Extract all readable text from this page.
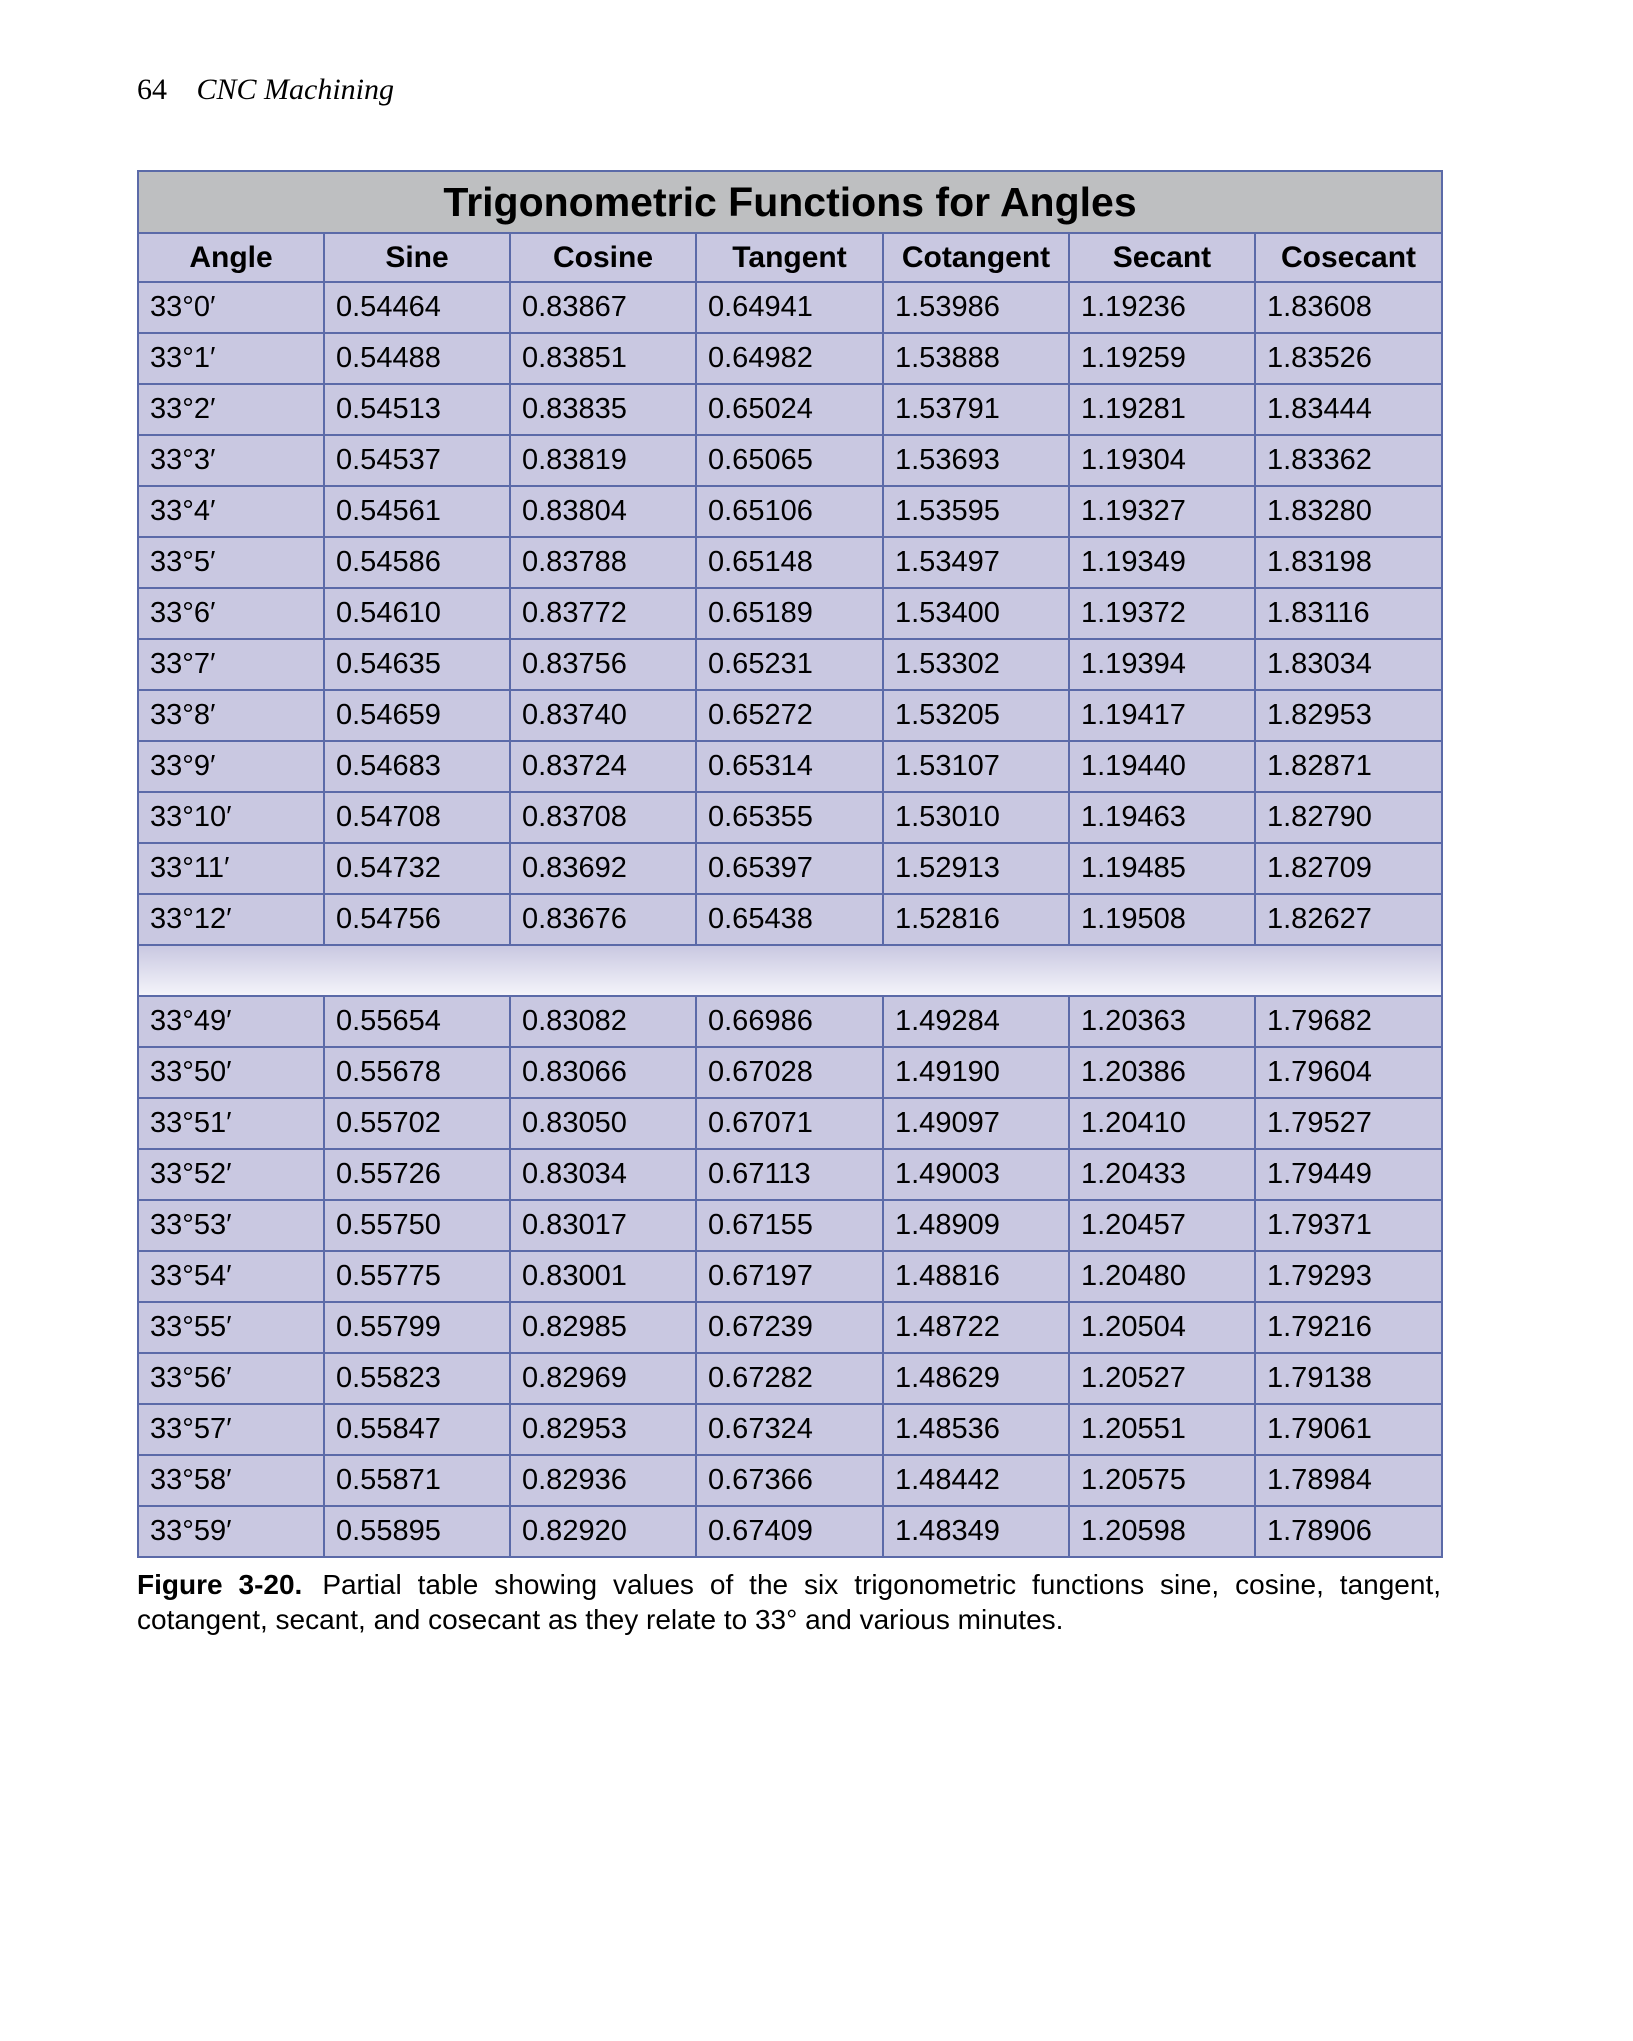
64 CNC Machining
Trigonometric Functions for Angles						
Angle	Sine	Cosine	Tangent	Cotangent	Secant	Cosecant
33°0′	0.54464	0.83867	0.64941	1.53986	1.19236	1.83608
33°1′	0.54488	0.83851	0.64982	1.53888	1.19259	1.83526
33°2′	0.54513	0.83835	0.65024	1.53791	1.19281	1.83444
33°3′	0.54537	0.83819	0.65065	1.53693	1.19304	1.83362
33°4′	0.54561	0.83804	0.65106	1.53595	1.19327	1.83280
33°5′	0.54586	0.83788	0.65148	1.53497	1.19349	1.83198
33°6′	0.54610	0.83772	0.65189	1.53400	1.19372	1.83116
33°7′	0.54635	0.83756	0.65231	1.53302	1.19394	1.83034
33°8′	0.54659	0.83740	0.65272	1.53205	1.19417	1.82953
33°9′	0.54683	0.83724	0.65314	1.53107	1.19440	1.82871
33°10′	0.54708	0.83708	0.65355	1.53010	1.19463	1.82790
33°11′	0.54732	0.83692	0.65397	1.52913	1.19485	1.82709
33°12′	0.54756	0.83676	0.65438	1.52816	1.19508	1.82627

33°49′	0.55654	0.83082	0.66986	1.49284	1.20363	1.79682
33°50′	0.55678	0.83066	0.67028	1.49190	1.20386	1.79604
33°51′	0.55702	0.83050	0.67071	1.49097	1.20410	1.79527
33°52′	0.55726	0.83034	0.67113	1.49003	1.20433	1.79449
33°53′	0.55750	0.83017	0.67155	1.48909	1.20457	1.79371
33°54′	0.55775	0.83001	0.67197	1.48816	1.20480	1.79293
33°55′	0.55799	0.82985	0.67239	1.48722	1.20504	1.79216
33°56′	0.55823	0.82969	0.67282	1.48629	1.20527	1.79138
33°57′	0.55847	0.82953	0.67324	1.48536	1.20551	1.79061
33°58′	0.55871	0.82936	0.67366	1.48442	1.20575	1.78984
33°59′	0.55895	0.82920	0.67409	1.48349	1.20598	1.78906
Figure 3-20. Partial table showing values of the six trigonometric functions sine, cosine, tangent, cotangent, secant, and cosecant as they relate to 33° and various minutes.
